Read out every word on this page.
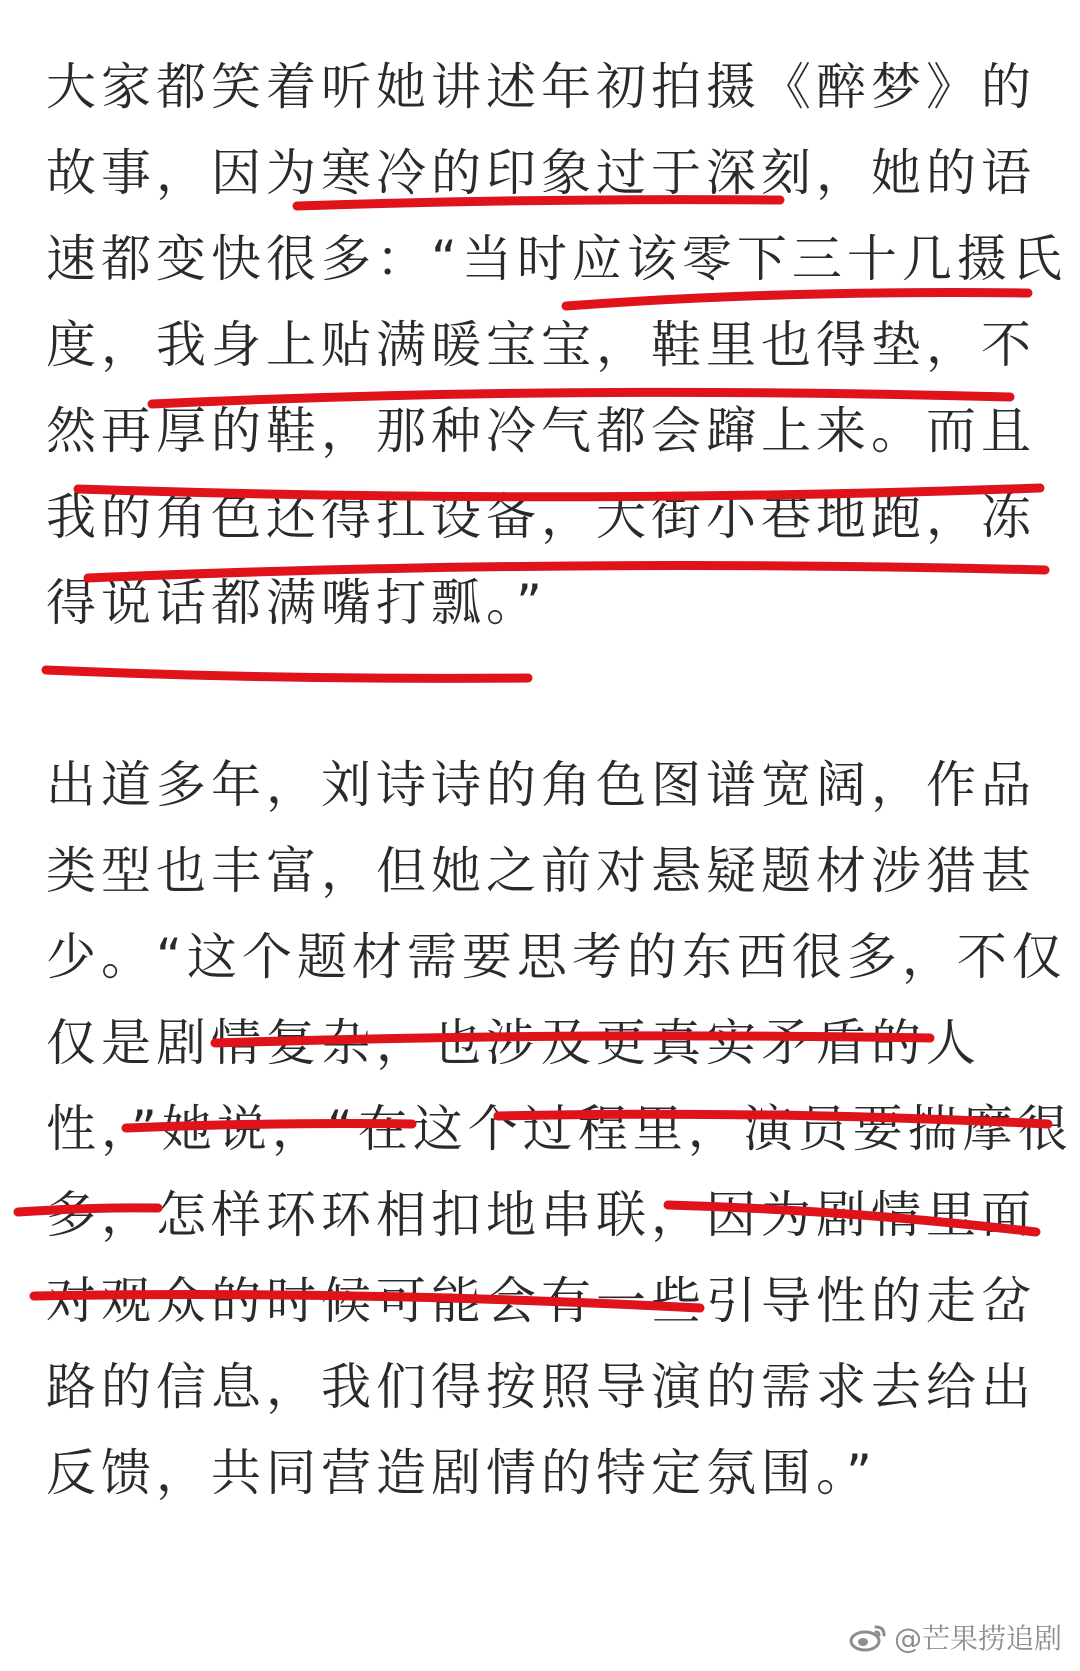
大家都笑着听她讲述年初拍摄《醉梦》的
故事，因为寒冷的印象过于深刻，她的语
速都变快很多：“当时应该零下三十几摄氏
度，我身上贴满暖宝宝，鞋里也得垫，不
然再厚的鞋，那种冷气都会蹿上来。而且
我的角色还得扛设备，大街小巷地跑，冻
得说话都满嘴打瓢。”
出道多年，刘诗诗的角色图谱宽阔，作品
类型也丰富，但她之前对悬疑题材涉猎甚
少。“这个题材需要思考的东西很多，不仅
仅是剧情复杂，也涉及更真实矛盾的人
性，”她说，“在这个过程里，演员要揣摩很
多，怎样环环相扣地串联，因为剧情里面
对观众的时候可能会有一些引导性的走岔
路的信息，我们得按照导演的需求去给出
反馈，共同营造剧情的特定氛围。”
@芒果捞追剧
